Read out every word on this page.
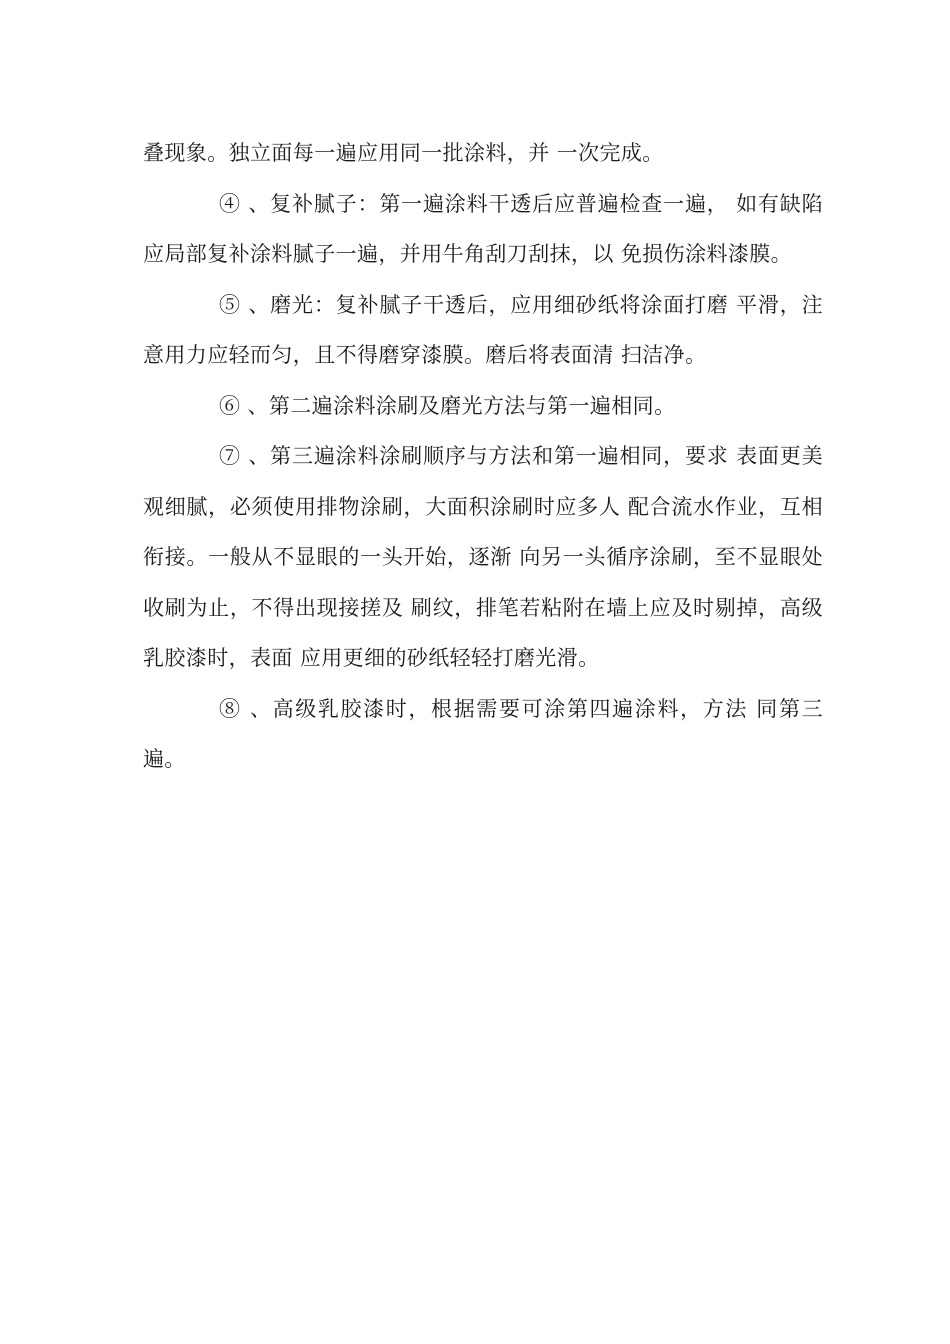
叠现象。独立面每一遍应用同一批涂料，并 一次完成。

④ 、复补腻子：第一遍涂料干透后应普遍检查一遍， 如有缺陷应局部复补涂料腻子一遍，并用牛角刮刀刮抹，以 免损伤涂料漆膜。

⑤ 、磨光：复补腻子干透后，应用细砂纸将涂面打磨 平滑，注意用力应轻而匀，且不得磨穿漆膜。磨后将表面清 扫洁净。

⑥ 、第二遍涂料涂刷及磨光方法与第一遍相同。

⑦ 、第三遍涂料涂刷顺序与方法和第一遍相同，要求 表面更美观细腻，必须使用排物涂刷，大面积涂刷时应多人 配合流水作业，互相衔接。一般从不显眼的一头开始，逐渐 向另一头循序涂刷，至不显眼处收刷为止，不得出现接搓及 刷纹，排笔若粘附在墙上应及时剔掉，高级乳胶漆时，表面 应用更细的砂纸轻轻打磨光滑。

⑧ 、高级乳胶漆时，根据需要可涂第四遍涂料，方法 同第三遍。
